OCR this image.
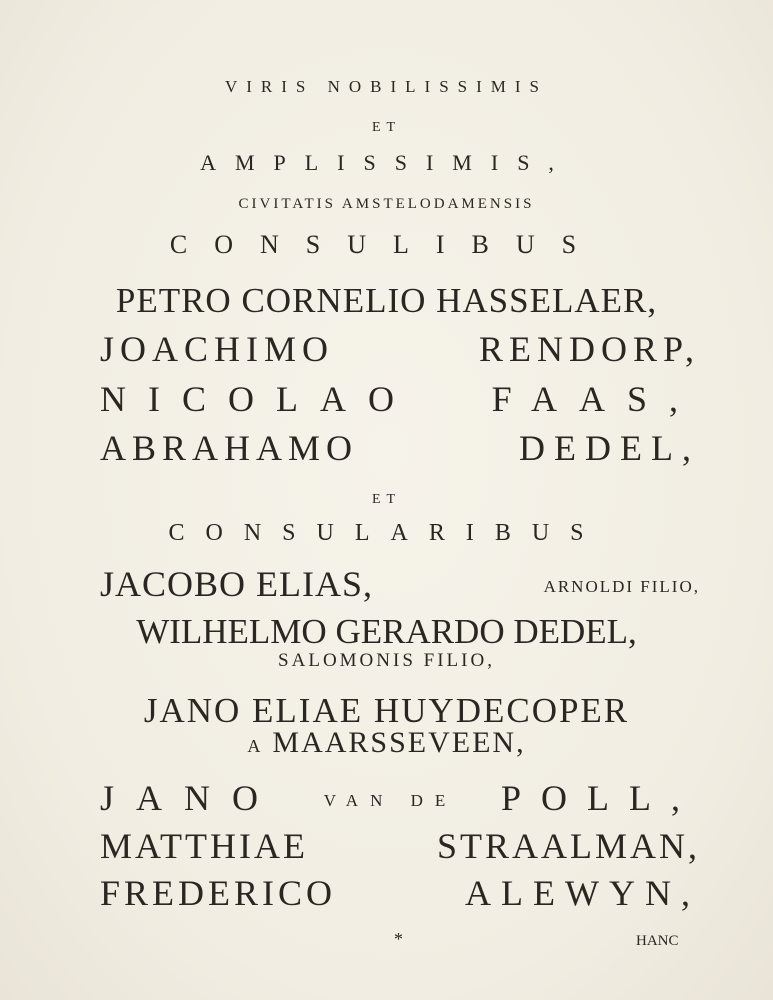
VIRIS NOBILISSIMIS
ET
AMPLISSIMIS,
CIVITATIS AMSTELODAMENSIS
CONSULIBUS
PETRO CORNELIO HASSELAER,
JOACHIMO	RENDORP,
NICOLAO FAAS,
ABRAHAMO	DEDEL,
ET
CONSULARIBUS
JACOBO ELIAS,	ARNOLDI FILIO,
WILHELMO GERARDO DEDEL,
SALOMONIS FILIO,
JANO ELIAE HUYDECOPER
A MAARSSEVEEN,
JANO	VAN DE POLL,
MATTHIAE	STRAALMAN,
FREDERICO	ALEWYN,
*	HANC
